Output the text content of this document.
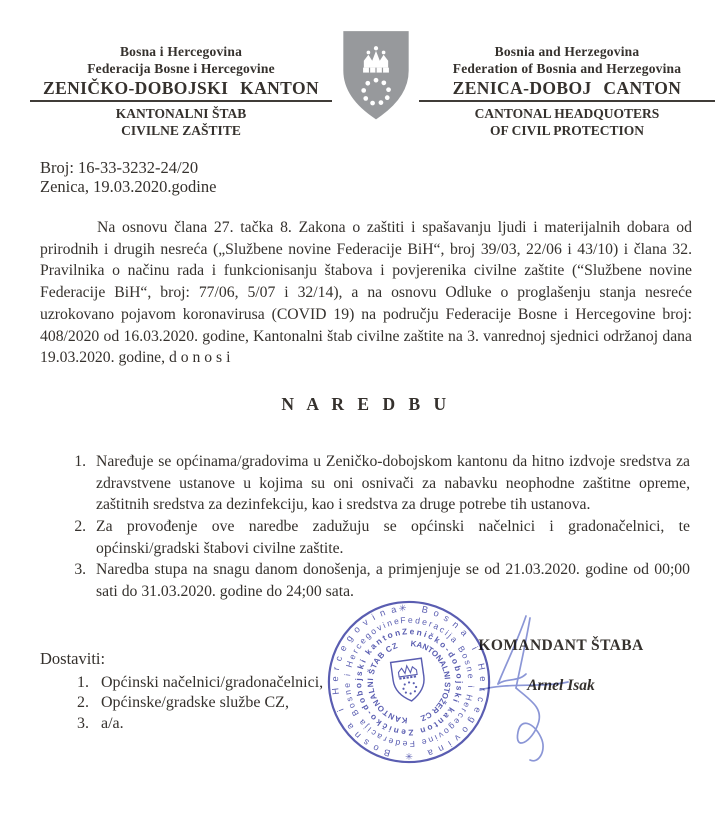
Bosna i Hercegovina
Federacija Bosne i Hercegovine
ZENIČKO-DOBOJSKI KANTON
KANTONALNI ŠTAB
CIVILNE ZAŠTITE
Bosnia and Herzegovina
Federation of Bosnia and Herzegovina
ZENICA-DOBOJ CANTON
CANTONAL HEADQUOTERS
OF CIVIL PROTECTION
Broj: 16-33-3232-24/20
Zenica, 19.03.2020.godine

Na osnovu člana 27. tačka 8. Zakona o zaštiti i spašavanju ljudi i materijalnih dobara od prirodnih i drugih nesreća („Službene novine Federacije BiH“, broj 39/03, 22/06 i 43/10) i člana 32. Pravilnika o načinu rada i funkcionisanju štabova i povjerenika civilne zaštite (“Službene novine Federacije BiH“, broj: 77/06, 5/07 i 32/14), a na osnovu Odluke o proglašenju stanja nesreće uzrokovano pojavom koronavirusa (COVID 19) na području Federacije Bosne i Hercegovine broj: 408/2020 od 16.03.2020. godine, Kantonalni štab civilne zaštite na 3. vanrednoj sjednici održanoj dana 19.03.2020. godine, d o n o s i

N A R E D B U
1. Naređuje se općinama/gradovima u Zeničko-dobojskom kantonu da hitno izdvoje sredstva za zdravstvene ustanove u kojima su oni osnivači za nabavku neophodne zaštitne opreme, zaštitnih sredstva za dezinfekciju, kao i sredstva za druge potrebe tih ustanova.
2. Za provođenje ove naredbe zadužuju se općinski načelnici i gradonačelnici, te općinski/gradski štabovi civilne zaštite.
3. Naredba stupa na snagu danom donošenja, a primjenjuje se od 21.03.2020. godine od 00;00 sati do 31.03.2020. godine do 24;00 sata.
Dostaviti:
1. Općinski načelnici/gradonačelnici,
2. Općinske/gradske službe CZ,
3. a/a.
KOMANDANT ŠTABA
Arnel Isak
✳ Bosna i Hercegovina ✳ Bosna i Hercegovina
Federacija Bosne i Hercegovine Federacija Bosne i Hercegovine
Zeničko-dobojski kanton Zeničko-dobojski kanton
KANTONALNI ŠTAB CZ	KANTONALNI STOŽER CZ
